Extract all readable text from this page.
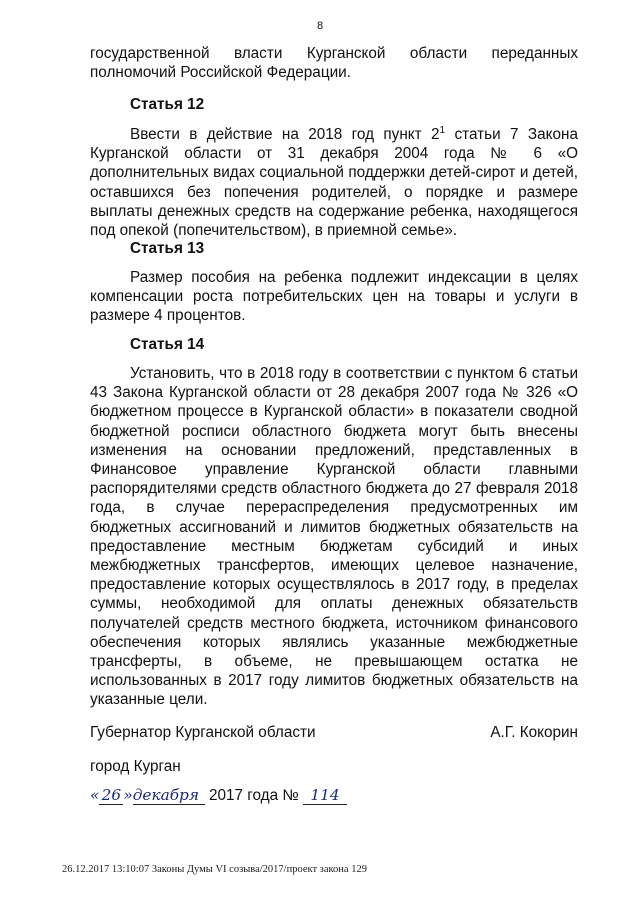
8
государственной власти Курганской области переданных
полномочий Российской Федерации.
Статья 12
Ввести в действие на 2018 год пункт $2^1$ статьи 7 Закона Курганской области от 31 декабря 2004 года № 6 «О дополнительных видах социальной поддержки детей-сирот и детей, оставшихся без попечения родителей, о порядке и размере выплаты денежных средств на содержание ребенка, находящегося под опекой (попечительством), в приемной семье».
Статья 13
Размер пособия на ребенка подлежит индексации в целях компенсации роста потребительских цен на товары и услуги в размере 4 процентов.
Статья 14
Установить, что в 2018 году в соответствии с пунктом 6 статьи 43 Закона Курганской области от 28 декабря 2007 года № 326 «О бюджетном процессе в Курганской области» в показатели сводной бюджетной росписи областного бюджета могут быть внесены изменения на основании предложений, представленных в Финансовое управление Курганской области главными распорядителями средств областного бюджета до 27 февраля 2018 года, в случае перераспределения предусмотренных им бюджетных ассигнований и лимитов бюджетных обязательств на предоставление местным бюджетам субсидий и иных межбюджетных трансфертов, имеющих целевое назначение, предоставление которых осуществлялось в 2017 году, в пределах суммы, необходимой для оплаты денежных обязательств получателей средств местного бюджета, источником финансового обеспечения которых являлись указанные межбюджетные трансферты, в объеме, не превышающем остатка не использованных в 2017 году лимитов бюджетных обязательств на указанные цели.
Губернатор Курганской области	А.Г. Кокорин
город Курган
« 26 »декабря 2017 года № 114
26.12.2017 13:10:07 Законы Думы VI созыва/2017/проект закона 129
